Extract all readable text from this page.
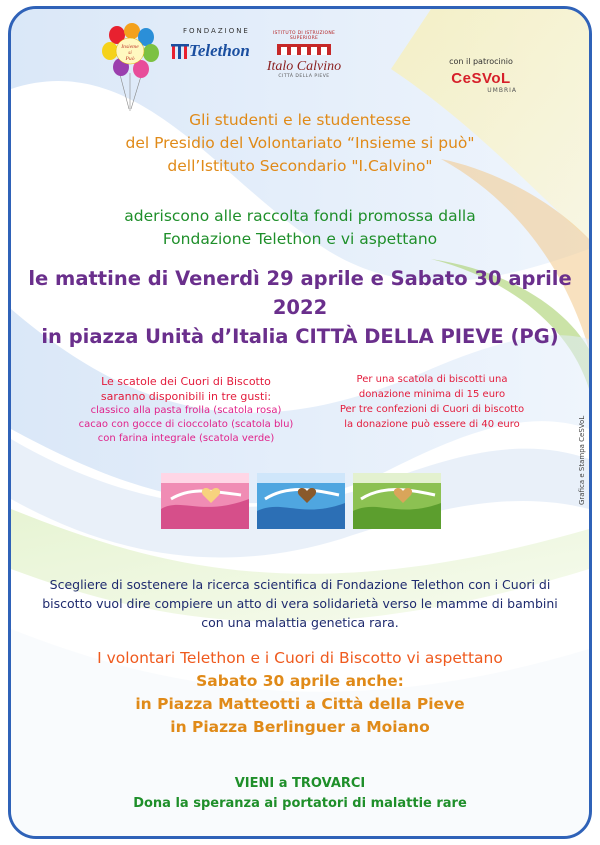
Insieme
si
Può
FONDAZIONE
Telethon
ISTITUTO DI ISTRUZIONE SUPERIORE
Italo Calvino
CITTÀ DELLA PIEVE
con il patrocinio
CeSVoL
UMBRIA
Gli studenti e le studentesse
del Presidio del Volontariato “Insieme si può"
dell’Istituto Secondario "I.Calvino"
aderiscono alle raccolta fondi promossa dalla
Fondazione Telethon e vi aspettano
le mattine di Venerdì 29 aprile e Sabato 30 aprile 2022
in piazza Unità d’Italia CITTÀ DELLA PIEVE (PG)
Le scatole dei Cuori di Biscotto
saranno disponibili in tre gusti:
classico alla pasta frolla (scatola rosa)
cacao con gocce di cioccolato (scatola blu)
con farina integrale (scatola verde)
Per una scatola di biscotti una
donazione minima di 15 euro
Per tre confezioni di Cuori di biscotto
la donazione può essere di 40 euro	Grafica e Stampa CeSVoL
Scegliere di sostenere la ricerca scientifica di Fondazione Telethon con i Cuori di
biscotto vuol dire compiere un atto di vera solidarietà verso le mamme di bambini
con una malattia genetica rara.
I volontari Telethon e i Cuori di Biscotto vi aspettano
Sabato 30 aprile anche:
in Piazza Matteotti a Città della Pieve
in Piazza Berlinguer a Moiano
VIENI a TROVARCI
Dona la speranza ai portatori di malattie rare
